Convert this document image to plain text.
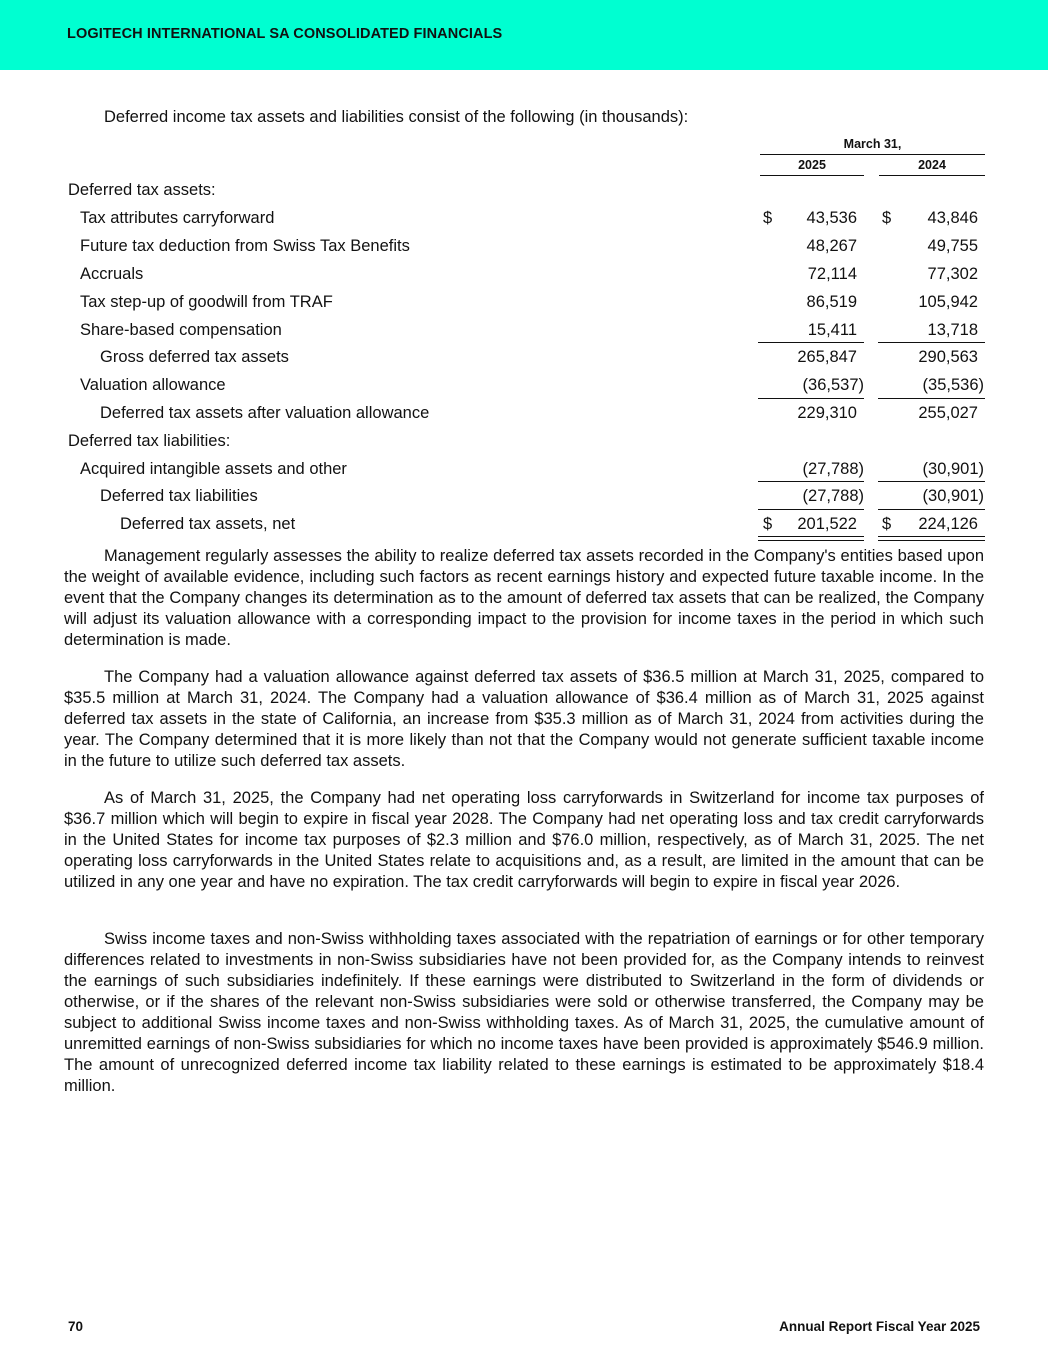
LOGITECH INTERNATIONAL SA CONSOLIDATED FINANCIALS
Deferred income tax assets and liabilities consist of the following (in thousands):
March 31,
2025	2024
Deferred tax assets:
Tax attributes carryforward	$	43,536 $	43,846
Future tax deduction from Swiss Tax Benefits	48,267	49,755
Accruals	72,114	77,302
Tax step-up of goodwill from TRAF	86,519	105,942
Share-based compensation	15,411	13,718
Gross deferred tax assets	265,847	290,563
Valuation allowance	(36,537)	(35,536)
Deferred tax assets after valuation allowance	229,310	255,027
Deferred tax liabilities:
Acquired intangible assets and other	(27,788)	(30,901)
Deferred tax liabilities	(27,788)	(30,901)
Deferred tax assets, net	$	201,522 $	224,126

Management regularly assesses the ability to realize deferred tax assets recorded in the Company's entities based upon the weight of available evidence, including such factors as recent earnings history and expected future taxable income. In the event that the Company changes its determination as to the amount of deferred tax assets that can be realized, the Company will adjust its valuation allowance with a corresponding impact to the provision for income taxes in the period in which such determination is made.

The Company had a valuation allowance against deferred tax assets of $36.5 million at March 31, 2025, compared to $35.5 million at March 31, 2024. The Company had a valuation allowance of $36.4 million as of March 31, 2025 against deferred tax assets in the state of California, an increase from $35.3 million as of March 31, 2024 from activities during the year. The Company determined that it is more likely than not that the Company would not generate sufficient taxable income in the future to utilize such deferred tax assets.

As of March 31, 2025, the Company had net operating loss carryforwards in Switzerland for income tax purposes of $36.7 million which will begin to expire in fiscal year 2028. The Company had net operating loss and tax credit carryforwards in the United States for income tax purposes of $2.3 million and $76.0 million, respectively, as of March 31, 2025. The net operating loss carryforwards in the United States relate to acquisitions and, as a result, are limited in the amount that can be utilized in any one year and have no expiration. The tax credit carryforwards will begin to expire in fiscal year 2026.

Swiss income taxes and non-Swiss withholding taxes associated with the repatriation of earnings or for other temporary differences related to investments in non-Swiss subsidiaries have not been provided for, as the Company intends to reinvest the earnings of such subsidiaries indefinitely. If these earnings were distributed to Switzerland in the form of dividends or otherwise, or if the shares of the relevant non-Swiss subsidiaries were sold or otherwise transferred, the Company may be subject to additional Swiss income taxes and non-Swiss withholding taxes. As of March 31, 2025, the cumulative amount of unremitted earnings of non-Swiss subsidiaries for which no income taxes have been provided is approximately $546.9 million. The amount of unrecognized deferred income tax liability related to these earnings is estimated to be approximately $18.4 million.

70	Annual Report Fiscal Year 2025
